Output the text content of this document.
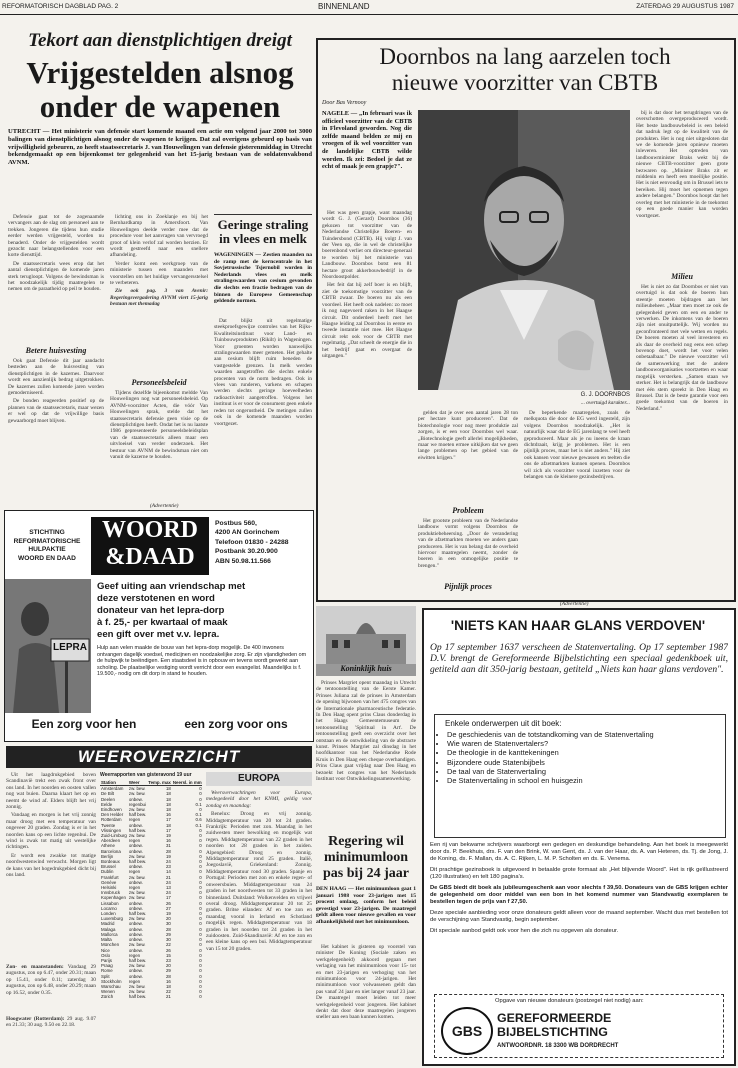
REFORMATORISCH DAGBLAD PAG. 2	BINNENLAND	ZATERDAG 29 AUGUSTUS 1987
Tekort aan dienstplichtigen dreigt
Vrijgestelden alsnog
onder de wapenen
UTRECHT — Het ministerie van defensie start komende maand een actie om volgend jaar 2000 tot 3000 balingen van dienstplichtigen alsnog onder de wapenen te krijgen. Dat zal overigens gebeurd op basis van vrijwilligheid gebeuren, zo heeft staatssecretaris J. van Houwelingen van defensie gisterenmiddag in Utrecht bekendgemaakt op een bijeenkomst ter gelegenheid van het 15-jarig bestaan van de soldatenvakbond AVNM.

Defensie gaat tot de zogenaamde vervangers aan de slag om personeel aan te trekken. Jongeren die tijdens hun studie eerder werden vrijgesteld, worden nu benaderd. Onder de vrijgestelden wordt gezocht naar belangstellenden voor een korte diensttijd.

De staatssecretaris wees erop dat het aantal dienstplichtigen de komende jaren sterk terugloopt. Volgens de bewindsman is het noodzakelijk tijdig maatregelen te nemen om de paraatheid op peil te houden.

Betere huisvesting

Ook gaat Defensie dit jaar aandacht besteden aan de huisvesting van dienstplichtigen in de kazernes. Daarvoor wordt een aanzienlijk bedrag uitgetrokken. De kazernes zullen komende jaren worden gemoderniseerd.

De bonden reageerden positief op de plannen van de staatssecretaris, maar wezen er wel op dat de vrijwillige basis gewaarborgd moet blijven.

lichting ons in Zoeklanje en bij het Bernhardkamp in Amersfoort. Van Houwelingen deelde verder mee dat de procedure voor het aanvragen van vervroegd groot of klein verlof zal worden herzien. Er wordt gestreefd naar een snellere afhandeling.

Verder komt een werkgroep van de ministerie tussen een maanden met voorstellen om het huidige vervangersstelsel te verbeteren.

Zie ook pag. 3 van Avenir: Regeringsvergadering AVNM viert 15-jarig bestaan met themadag

Personeelsbeleid

Tijdens dezelfde bijeenkomst meldde Van Houwelingen nog wat personeelsbeleid. Op AVNM-voorzitter Acten, die vóór Van Houwelingen sprak, stelde dat het staatssecretaris defensie geen visie op de dienstplichtigen heeft. Ondat het is nu laatste 1986 gepresenteerde personeelsbeleidsplan van de staatssecretaris alleen maar een uitvloeisel van verder onderzoek. Het bestuur van AVNM de bewindsman niet om vanuit de kazerne te houden.

Geringe straling in vlees en melk
WAGENINGEN — Zestien maanden na de ramp met de kerncentrale in het Sovjetrussische Tsjernobil worden in Nederlands vlees en melk stralingswaarden van cesium gevonden die slechts een fractie bedragen van de binnen de Europese Gemeenschap geldende normen.

Dat blijkt uit regelmatige steekproefsgewijze controles van het Rijks-Kwaliteitsinstituut voor Land- en Tuinbouwprodukten (Rikilt) in Wageningen. Voor groenten worden nauwelijks stralingswaarden meer gemeten. Het gehalte aan cesium blijft ruim beneden de vastgestelde grenzen. In melk werden waarden aangetroffen die slechts enkele procenten van de norm bedragen. Ook in vlees van runderen, varkens en schapen werden slechts geringe hoeveelheden radioactiviteit aangetroffen. Volgens het instituut is er voor de consument geen enkele reden tot ongerustheid. De metingen zullen ook in de komende maanden worden voortgezet.

Doornbos na lang aarzelen toch
nieuwe voorzitter van CBTB
Door Bas Vernooy
NAGELE — „In februari was ik officieel voorzitter van de CBTB in Flevoland geworden. Nog die zelfde maand belden ze mij en vroegen of ik wel voorzitter van de landelijke CBTB wilde worden. Ik zei: Bedoel je dat ze echt of maak je een grapje?".

Het was geen grapje, want maandag wordt G. J. (Gerard) Doornbos (36) gekozen tot voorzitter van de Nederlandse Christelijke Boeren- en Tuindersbond (CBTB). Hij volgt J. van der Veen op, die in wel de christelijke boerenbond verliet om directeur-generaal te worden bij het ministerie van Landbouw. Doornbos botst een 81 hectare groot akkerbouwbedrijf in de Noordoostpolder.

Het feit dat hij zelf boer is en blijft, ziet de toekomstige voorzitter van de CBTB zwaar. De boeren nu als een voordeel. Het heeft ook nadelen: zo moet ik nog nagevoerd raken in het Haagse circuit. Dit onderdeel heeft met het Haagse leiding zal Doornbos in eerste en tweede instantie niet mee. Het Haagse circuit rekt ook voor de CBTB met regelmatig. „Dat scheelt de energie die in het bedrijf gaat en overgaat de uitgangen."

G. J. DOORNBOS
... overtuigd karakter...

gelden dat je over een aantal jaren 28 ton per hectare kunt produceren". Dat de biotechnologie voor nog meer produktie zal zorgen, is er een voor Doornbos wel waar. „Biotechnologie geeft allerlei mogelijkheden, maar we moeten ermee uitkijken dat we geen lange problemen op het gebied van de eiwitten krijgen."

Probleem

Het grootste probleem van de Nederlandse landbouw vormt volgens Doornbos de produktiebeheersing. „Door de verandering van de afzetmarkten moeten we anders gaan produceren. Het is van belang dat de overheid hiervoor maatregelen neemt, zonder de boeren in een onmogelijke positie te brengen."

Pijnlijk proces

De beperkende maatregelen, zoals de melkquota die door de EG werd ingesteld, zijn volgens Doornbos noodzakelijk. „Het is natuurlijk waar dat de EG jarenlang te veel heeft geproduceerd. Maar als je nu ineens de kraan dichtdraait, krijg je problemen. Het is een pijnlijk proces, maar het is niet anders." Hij ziet ook kansen voor nieuwe gewassen en teelten die ons de afzetmarkten kunnen openen. Doornbos wil zich als voorzitter vooral inzetten voor de belangen van de kleinere gezinsbedrijven.

bij is dat door het terugdringen van de overschotten overgeproduceerd wordt. Het beste landbouwbeleid is een beleid dat nadruk legt op de kwaliteit van de produkten. Het is nog niet uitgesloten dat we de komende jaren opnieuw moeten inleveren. Het optreden van landbouwminister Braks wekt bij de nieuwe CBTB-voorzitter geen grote bezwaren op. „Minister Braks zit er middenin en heeft een moeilijke positie. Het is niet eenvoudig om in Brussel iets te bereiken. Hij moet het opnemen tegen andere belangen." Doornbos hoopt dat het overleg met het ministerie in de toekomst op een goede manier kan worden voortgezet.

Milieu

Het is niet zo dat Doornbos er niet van overtuigd is dat ook de boeren hun steentje moeten bijdragen aan het milieubeheer. „Maar men moet ze ook de gelegenheid geven om een en ander te verwerken. De inkomens van de boeren zijn niet onuitputtelijk. Wij worden nu geconfronteerd met vele wetten en regels. De boeren moeten al veel investeren en als daar de overheid nog eens een schep bovenop doet, wordt het voor velen onbetaalbaar." De nieuwe voorzitter wil de samenwerking met de andere landbouworganisaties voortzetten en waar mogelijk versterken. „Samen staan we sterker. Het is belangrijk dat de landbouw met één stem spreekt in Den Haag en Brussel. Dat is de beste garantie voor een goede toekomst van de boeren in Nederland."

(Advertentie)
STICHTING
REFORMATORISCHE
HULPAKTIE
WOORD EN DAAD
WOORD
&DAAD
Postbus 560,
4200 AN Gorinchem
Telefoon 01830 - 24288
Postbank 30.20.900
ABN 50.98.11.566
LEPRA
Geef uiting aan vriendschap met
deze verstotenen en word
donateur van het lepra-dorp
à f. 25,- per kwartaal of maak
een gift over met v.v. lepra.
Hulp aan velen maakte de bouw van het lepra-dorp mogelijk. De 400 inwoners ontvangen dagelijk voedsel, medicijnen en noodzakelijke zorg. Er zijn vijandigheden om de hulpwijk te beëindigen. Een staatsdeel is in opbouw en tevens wordt gewerkt aan scholing. De plaatselijke vestiging wordt verricht door een evangelist. Maandelijks is f. 19.500,- nodig om dit dorp in stand te houden.
Een zorg voor hen	een zorg voor ons
Koninklijk huis

Prinses Margriet opent maandag in Utrecht de tentoonstelling van de Eerste Kamer. Prinses Juliana zal de prinses in Amsterdam de opening bijwonen van het 475 congres van de Internationale pharmaceutische federatie. In Den Haag opent prins Claus donderdag in het Haags Gemeentemuseum de tentoonstelling 'Spiritual in Art'. De tentoonstelling geeft een overzicht over het ontstaan en de ontwikkeling van de abstracte kunst. Prinses Margriet zal dinsdag in het hoofdkantoor van het Nederlandse Rode Kruis in Den Haag een cheque overhandigen. Prins Claus gaat vrijdag naar Den Haag en bezoekt het congres van het Nederlands Instituut voor Ontwikkelingssamenwerking.

Regering wil
minimumloon
pas bij 24 jaar
DEN HAAG — Het minimumloon gaat 1 januari 1988 voor 23-jarigen met 15 procent omlaag, conform het beleid gevestigd voor 23-jarigen. De maatregel geldt alleen voor nieuwe gevallen en voor afhankelijkheid met het minimumloon.

Het kabinet is gisteren op voorstel van minister De Koning (Sociale zaken en werkgelegenheid) akkoord gegaan met verlaging van het minimumloon voor 15- tot en met 23-jarigen en verhoging van het minimumloon voor 24-jarigen. Het minimumloon voor volwassenen geldt dan pas vanaf 24 jaar en niet langer vanaf 23 jaar. De maatregel moet leiden tot meer werkgelegenheid voor jongeren. Het kabinet denkt dat door deze maatregelen jongeren sneller aan een baan kunnen komen.

WEEROVERZICHT

Uit het laagdrukgebied boven Scandinavië trekt een zwak front over ons land. In het noorden en oosten vallen nog wat buien. Daarna klaart het op en neemt de wind af. Elders blijft het vrij zonnig.

Vandaag en morgen is het vrij zonnig maar droog met een temperatuur van ongeveer 20 graden. Zondag is er in het noorden kans op een lichte regenbui. De wind is zwak tot matig uit westelijke richtingen.

Er wordt een zwakke tot matige noordwestenwind verwacht. Morgen ligt de kans van het hogedrukgebied dicht bij ons land.

Zon- en maanstanden: Vandaag 29 augustus, zon op 6.47, onder 20.31; maan op 15.41, onder 0.11; zaterdag 30 augustus, zon op 6.48, onder 20.29; maan op 16.52, onder 0.35.

Hoogwater (Rotterdam): 29 aug. 9.07 en 21.33; 30 aug. 9.50 en 22.18.

Weerrapporten van gisteravond 19 uur
Station	Weer	Temp. max	Neersl. in mm
Amsterdam	zw. bew.	18	0
De Bilt	zw. bew.	18	0
Deelen	onbew.	18	0
Eelde	regenbui	18	0.1
Eindhoven	zw. bew.	18	0
Den Helder	half bew.	16	0.1
Rotterdam	regen	17	0.6
Twente	onbew.	18	0.1
Vlissingen	half bew.	17	0
Zuid-Limburg	zw. bew.	19	0
Aberdeen	regen	16	0
Athene	onbew.	31	0
Barcelona	onbew.	28	0
Berlijn	zw. bew.	19	0
Bordeaux	half bew.	24	0
Brussel	onbew.	23	0
Dublin	regen	14	0
Frankfurt	zw. bew.	21	0
Genève	onbew.	24	0
Helsinki	regen	13	0
Innsbruck	zw. bew.	24	0
Kopenhagen	zw. bew.	17	0
Lissabon	onbew.	26	0
Locarno	onbew.	27	0
Londen	half bew.	19	0
Luxemburg	zw. bew.	20	0
Madrid	onbew.	30	0
Malaga	onbew.	28	0
Mallorca	onbew.	29	0
Malta	onbew.	30	0
München	zw. bew.	22	0
Nice	onbew.	26	0
Oslo	regen	15	0
Parijs	half bew.	23	0
Praag	zw. bew.	20	0
Rome	onbew.	29	0
Split	onbew.	28	0
Stockholm	regen	16	0
Warschau	zw. bew.	18	0
Wenen	zw. bew.	22	0
Zürich	half bew.	21	0
EUROPA

Weersverwachtingen voor Europa, medegedeeld door het KNMI, geldig voor zondag en maandag:

Benelux: Droog en vrij zonnig. Middagtemperatuur van 20 tot 24 graden. Frankrijk: Perioden met zon. Maandag in het zuidwesten meer bewolking en mogelijk wat regen. Middagtemperatuur van 22 graden in het noorden tot 28 graden in het zuiden. Alpengebied: Droog en zonnig. Middagtemperatuur rond 25 graden. Italië, Joegoslavië, Griekenland: Zonnig. Middagtemperatuur rond 30 graden. Spanje en Portugal: Perioden met zon en enkele regen- of onweersbuien. Middagtemperatuur van 24 graden in het noordwesten tot 33 graden in het binnenland. Duitsland: Wolkenvelden en vrijwel overal droog. Middagtemperatuur 20 tot 25 graden. Britse eilanden: Af en toe zon en maandag vooral in Ierland en Schotland mogelijk regen. Middagtemperatuur van 18 graden in het noorden tot 24 graden in het zuidoosten. Zuid-Skandinavië: Af en toe zon en een kleine kans op een bui. Middagtemperatuur van 15 tot 20 graden.

(Advertentie)
'NIETS KAN HAAR GLANS VERDOVEN'
Op 17 september 1637 verscheen de Statenvertaling. Op 17 september 1987 D.V. brengt de Gereformeerde Bijbelstichting een speciaal gedenkboek uit, getiteld aan dit 350-jarig bestaan, getiteld „Niets kan haar glans verdoven".
Enkele onderwerpen uit dit boek:
• De geschiedenis van de totstandkoming van de Statenvertaling
• Wie waren de Statenvertalers?
• De theologie in de kanttekeningen
• Bijzondere oude Statenbijbels
• De taal van de Statenvertaling
• De Statenvertaling in school en huisgezin

Een rij van bekwame schrijvers waarborgt een gedegen en deskundige behandeling. Aan het boek is meegewerkt door ds. P. Beekhuis, drs. F. van den Brink, W. van Gent, ds. J. van der Haar, ds. A. van Heteren, ds. Tj. de Jong, J. de Koning, ds. F. Mallan, ds. A. C. Rijken, L. M. P. Scholten en ds. E. Venema.

Dit prachtige gezinsboek is uitgevoerd in betaalde grote formaat als „Het blijvende Woord". Het is rijk geïllustreerd (120 illustraties) en telt 180 pagina's.

De GBS biedt dit boek als jubileumgeschenk aan voor slechts f 39,50. Donateurs van de GBS krijgen echter de gelegenheid om door middel van een bon in het komend nummer van Standvastig exemplaren te bestellen tegen de prijs van f 27,50.

Deze speciale aanbieding voor onze donateurs geldt alleen voor de maand september. Wacht dus met bestellen tot de verschijning van Standvastig, begin september.

Dit speciale aanbod geldt ook voor hen die zich nu opgeven als donateur.

Opgave van nieuwe donateurs (postzegel niet nodig) aan:
GBS
GEREFORMEERDE
BIJBELSTICHTING
ANTWOORDNR. 18 3300 WB DORDRECHT
